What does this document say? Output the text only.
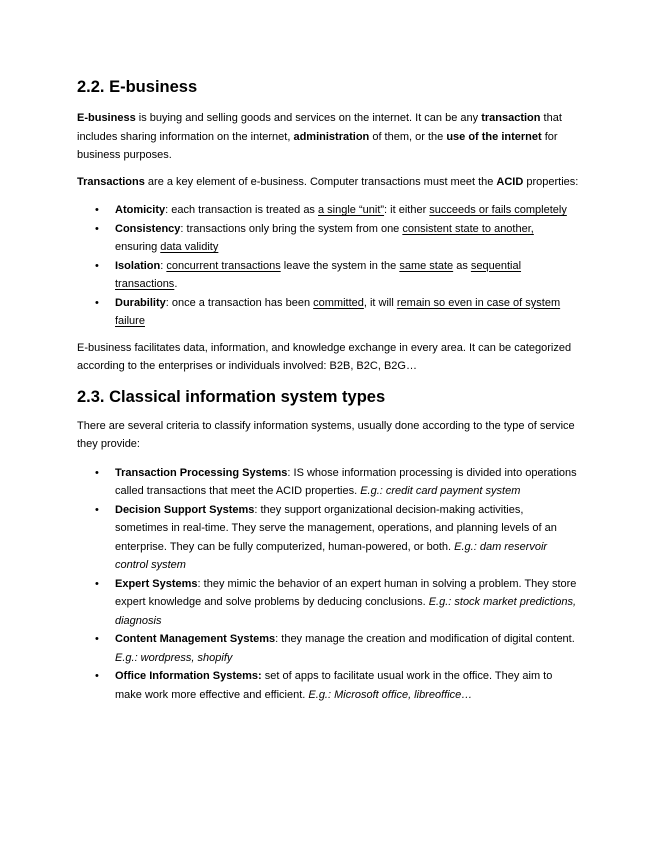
2.2. E-business

E-business is buying and selling goods and services on the internet. It can be any transaction that includes sharing information on the internet, administration of them, or the use of the internet for business purposes.

Transactions are a key element of e-business. Computer transactions must meet the ACID properties:

• Atomicity: each transaction is treated as a single “unit”: it either succeeds or fails completely
• Consistency: transactions only bring the system from one consistent state to another, ensuring data validity
• Isolation: concurrent transactions leave the system in the same state as sequential transactions.
• Durability: once a transaction has been committed, it will remain so even in case of system failure

E-business facilitates data, information, and knowledge exchange in every area. It can be categorized according to the enterprises or individuals involved: B2B, B2C, B2G…

2.3. Classical information system types

There are several criteria to classify information systems, usually done according to the type of service they provide:

• Transaction Processing Systems: IS whose information processing is divided into operations called transactions that meet the ACID properties. E.g.: credit card payment system
• Decision Support Systems: they support organizational decision-making activities, sometimes in real-time. They serve the management, operations, and planning levels of an enterprise. They can be fully computerized, human-powered, or both. E.g.: dam reservoir control system
• Expert Systems: they mimic the behavior of an expert human in solving a problem. They store expert knowledge and solve problems by deducing conclusions. E.g.: stock market predictions, diagnosis
• Content Management Systems: they manage the creation and modification of digital content. E.g.: wordpress, shopify
• Office Information Systems: set of apps to facilitate usual work in the office. They aim to make work more effective and efficient. E.g.: Microsoft office, libreoffice…
